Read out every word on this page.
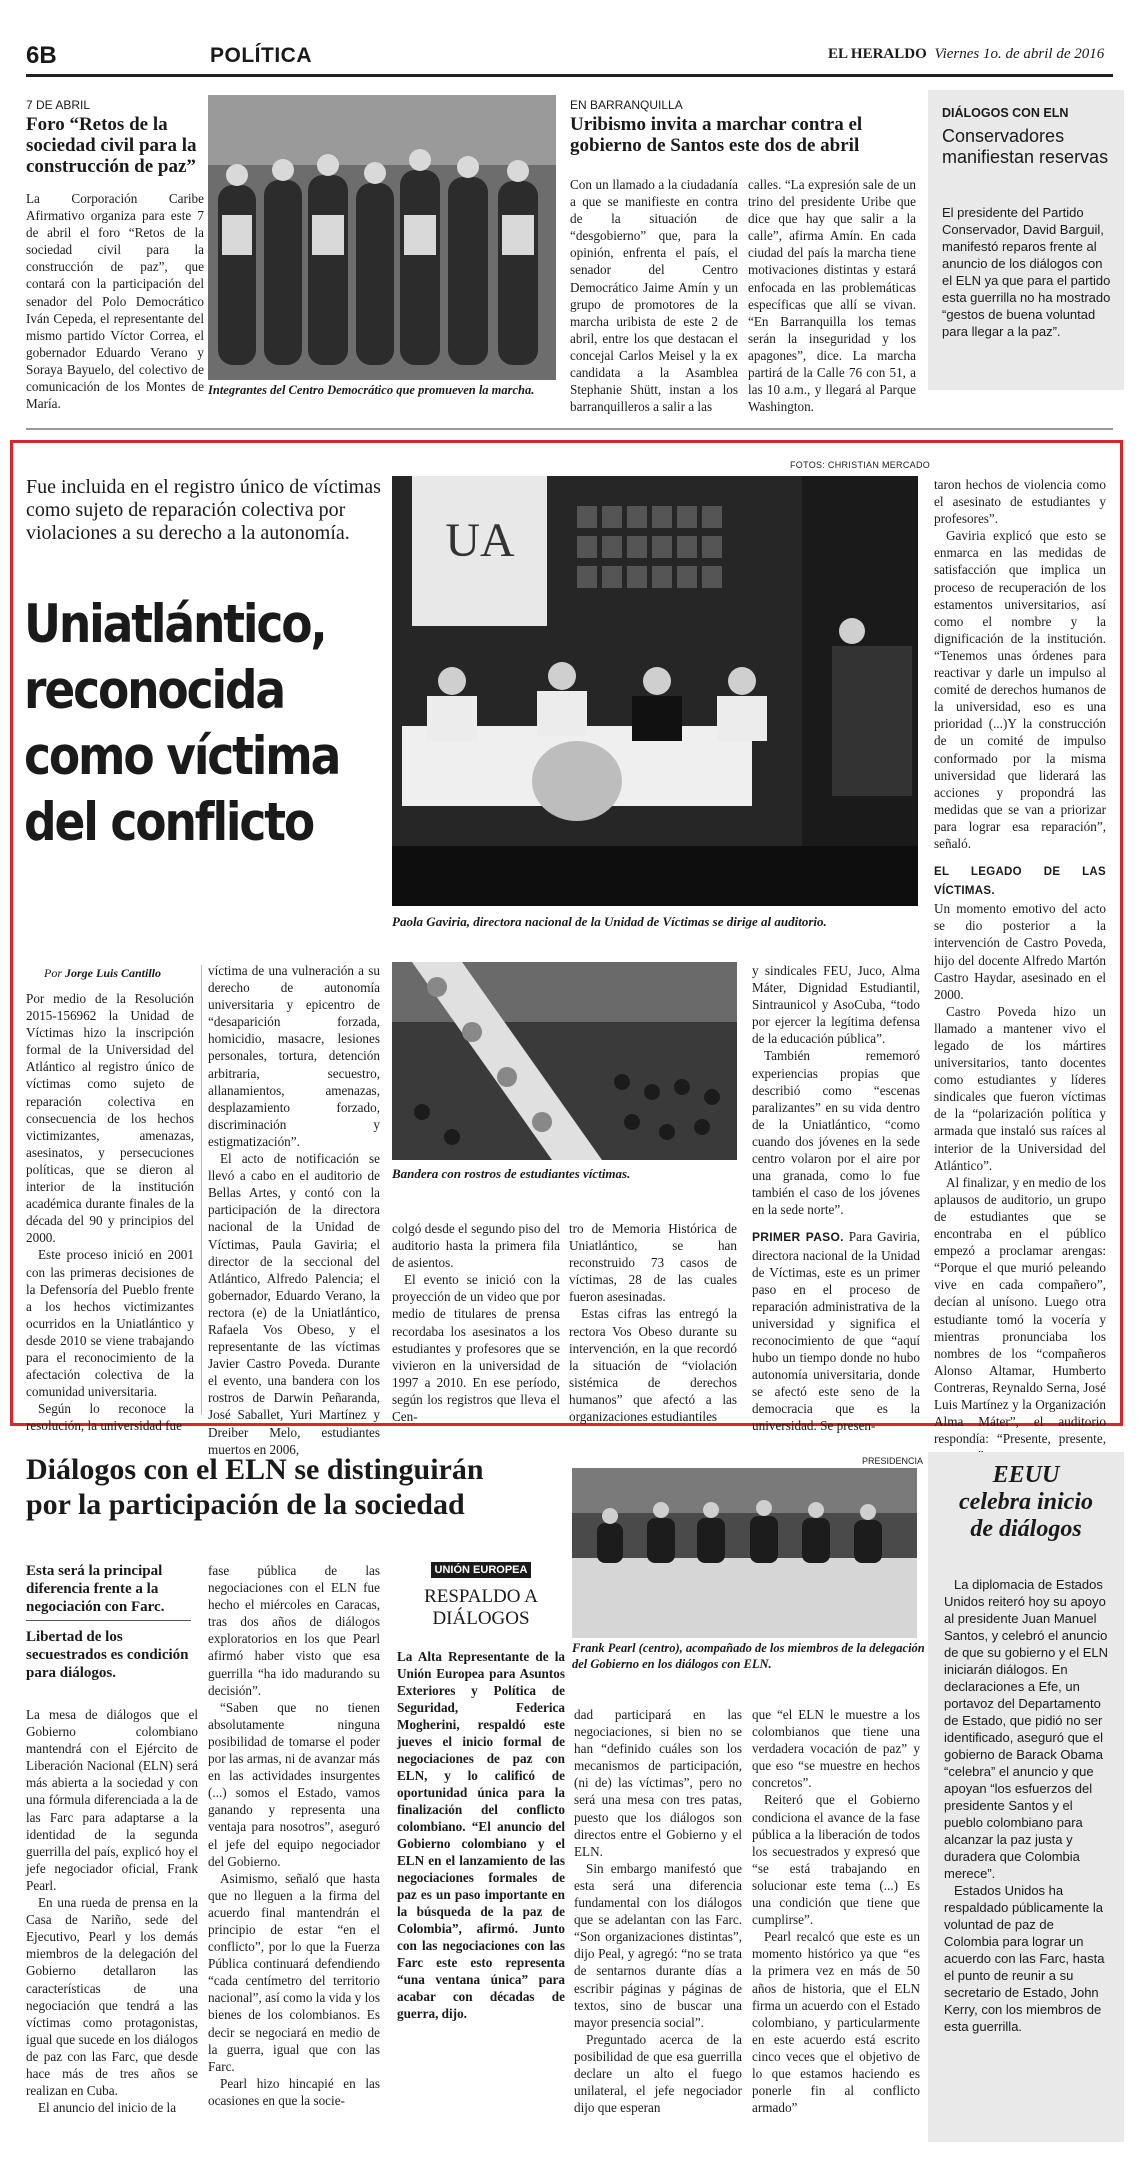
6B	POLÍTICA	EL HERALDO Viernes 1o. de abril de 2016
7 DE ABRIL
Foro “Retos de la sociedad civil para la construcción de paz”

La Corporación Caribe Afirmativo organiza para este 7 de abril el foro “Retos de la sociedad civil para la construcción de paz”, que contará con la participación del senador del Polo Democrático Iván Cepeda, el representante del mismo partido Víctor Correa, el gobernador Eduardo Verano y Soraya Bayuelo, del colectivo de comunicación de los Montes de María.

Integrantes del Centro Democrático que promueven la marcha.
EN BARRANQUILLA
Uribismo invita a marchar contra el gobierno de Santos este dos de abril

Con un llamado a la ciudadanía a que se manifieste en contra de la situación de “desgobierno” que, para la opinión, enfrenta el país, el senador del Centro Democrático Jaime Amín y un grupo de promotores de la marcha uribista de este 2 de abril, entre los que destacan el concejal Carlos Meisel y la ex candidata a la Asamblea Stephanie Shütt, instan a los barranquilleros a salir a las

calles. “La expresión sale de un trino del presidente Uribe que dice que hay que salir a la calle”, afirma Amín. En cada ciudad del país la marcha tiene motivaciones distintas y estará enfocada en las problemáticas específicas que allí se vivan. “En Barranquilla los temas serán la inseguridad y los apagones”, dice. La marcha partirá de la Calle 76 con 51, a las 10 a.m., y llegará al Parque Washington.

DIÁLOGOS CON ELN
Conservadores manifiestan reservas
El presidente del Partido Conservador, David Barguil, manifestó reparos frente al anuncio de los diálogos con el ELN ya que para el partido esta guerrilla no ha mostrado “gestos de buena voluntad para llegar a la paz”.
FOTOS: CHRISTIAN MERCADO
Fue incluida en el registro único de víctimas como sujeto de reparación colectiva por violaciones a su derecho a la autonomía.
Uniatlántico,
reconocida
como víctima
del conflicto
UA
Paola Gaviria, directora nacional de la Unidad de Víctimas se dirige al auditorio.
Bandera con rostros de estudiantes víctimas.
Por Jorge Luis Cantillo

Por medio de la Resolución 2015-156962 la Unidad de Víctimas hizo la inscripción formal de la Universidad del Atlántico al registro único de víctimas como sujeto de reparación colectiva en consecuencia de los hechos victimizantes, amenazas, asesinatos, y persecuciones políticas, que se dieron al interior de la institución académica durante finales de la década del 90 y principios del 2000.

Este proceso inició en 2001 con las primeras decisiones de la Defensoría del Pueblo frente a los hechos victimizantes ocurridos en la Uniatlántico y desde 2010 se viene trabajando para el reconocimiento de la afectación colectiva de la comunidad universitaria.

Según lo reconoce la resolución, la universidad fue

víctima de una vulneración a su derecho de autonomía universitaria y epicentro de “desaparición forzada, homicidio, masacre, lesiones personales, tortura, detención arbitraria, secuestro, allanamientos, amenazas, desplazamiento forzado, discriminación y estigmatización”.

El acto de notificación se llevó a cabo en el auditorio de Bellas Artes, y contó con la participación de la directora nacional de la Unidad de Víctimas, Paula Gaviria; el director de la seccional del Atlántico, Alfredo Palencia; el gobernador, Eduardo Verano, la rectora (e) de la Uniatlántico, Rafaela Vos Obeso, y el representante de las víctimas Javier Castro Poveda. Durante el evento, una bandera con los rostros de Darwin Peñaranda, José Saballet, Yuri Martínez y Dreiber Melo, estudiantes muertos en 2006,

colgó desde el segundo piso del auditorio hasta la primera fila de asientos.

El evento se inició con la proyección de un video que por medio de titulares de prensa recordaba los asesinatos a los estudiantes y profesores que se vivieron en la universidad de 1997 a 2010. En ese período, según los registros que lleva el Cen-

tro de Memoria Histórica de Uniatlántico, se han reconstruido 73 casos de víctimas, 28 de las cuales fueron asesinadas.

Estas cifras las entregó la rectora Vos Obeso durante su intervención, en la que recordó la situación de “violación sistémica de derechos humanos” que afectó a las organizaciones estudiantiles

y sindicales FEU, Juco, Alma Máter, Dignidad Estudiantil, Sintraunicol y AsoCuba, “todo por ejercer la legítima defensa de la educación pública”.

También rememoró experiencias propias que describió como “escenas paralizantes” en su vida dentro de la Uniatlántico, “como cuando dos jóvenes en la sede centro volaron por el aire por una granada, como lo fue también el caso de los jóvenes en la sede norte”.

PRIMER PASO. Para Gaviria, directora nacional de la Unidad de Víctimas, este es un primer paso en el proceso de reparación administrativa de la universidad y significa el reconocimiento de que “aquí hubo un tiempo donde no hubo autonomía universitaria, donde se afectó este seno de la democracia que es la universidad. Se presen-

taron hechos de violencia como el asesinato de estudiantes y profesores”.

Gaviria explicó que esto se enmarca en las medidas de satisfacción que implica un proceso de recuperación de los estamentos universitarios, así como el nombre y la dignificación de la institución. “Tenemos unas órdenes para reactivar y darle un impulso al comité de derechos humanos de la universidad, eso es una prioridad (...)Y la construcción de un comité de impulso conformado por la misma universidad que liderará las acciones y propondrá las medidas que se van a priorizar para lograr esa reparación”, señaló.

EL LEGADO DE LAS VÍCTIMAS.

Un momento emotivo del acto se dio posterior a la intervención de Castro Poveda, hijo del docente Alfredo Martón Castro Haydar, asesinado en el 2000.

Castro Poveda hizo un llamado a mantener vivo el legado de los mártires universitarios, tanto docentes como estudiantes y líderes sindicales que fueron víctimas de la “polarización política y armada que instaló sus raíces al interior de la Universidad del Atlántico”.

Al finalizar, y en medio de los aplausos de auditorio, un grupo de estudiantes que se encontraba en el público empezó a proclamar arengas: “Porque el que murió peleando vive en cada compañero”, decían al unísono. Luego otra estudiante tomó la vocería y mientras pronunciaba los nombres de los “compañeros Alonso Altamar, Humberto Contreras, Reynaldo Serna, José Luis Martínez y la Organización Alma Máter”, el auditorio respondía: “Presente, presente,

Diálogos con el ELN se distinguirán
por la participación de la sociedad
PRESIDENCIA
Frank Pearl (centro), acompañado de los miembros de la delegación del Gobierno en los diálogos con ELN.
Esta será la principal diferencia frente a la negociación con Farc.
Libertad de los secuestrados es condición para diálogos.

La mesa de diálogos que el Gobierno colombiano mantendrá con el Ejército de Liberación Nacional (ELN) será más abierta a la sociedad y con una fórmula diferenciada a la de las Farc para adaptarse a la identidad de la segunda guerrilla del país, explicó hoy el jefe negociador oficial, Frank Pearl.

En una rueda de prensa en la Casa de Nariño, sede del Ejecutivo, Pearl y los demás miembros de la delegación del Gobierno detallaron las características de una negociación que tendrá a las víctimas como protagonistas, igual que sucede en los diálogos de paz con las Farc, que desde hace más de tres años se realizan en Cuba.

El anuncio del inicio de la

fase pública de las negociaciones con el ELN fue hecho el miércoles en Caracas, tras dos años de diálogos exploratorios en los que Pearl afirmó haber visto que esa guerrilla “ha ido madurando su decisión”.

“Saben que no tienen absolutamente ninguna posibilidad de tomarse el poder por las armas, ni de avanzar más en las actividades insurgentes (...) somos el Estado, vamos ganando y representa una ventaja para nosotros”, aseguró el jefe del equipo negociador del Gobierno.

Asimismo, señaló que hasta que no lleguen a la firma del acuerdo final mantendrán el principio de estar “en el conflicto”, por lo que la Fuerza Pública continuará defendiendo “cada centímetro del territorio nacional”, así como la vida y los bienes de los colombianos. Es decir se negociará en medio de la guerra, igual que con las Farc.

Pearl hizo hincapié en las ocasiones en que la socie-

UNIÓN EUROPEA
RESPALDO A DIÁLOGOS
La Alta Representante de la Unión Europea para Asuntos Exteriores y Política de Seguridad, Federica Mogherini, respaldó este jueves el inicio formal de negociaciones de paz con ELN, y lo calificó de oportunidad única para la finalización del conflicto colombiano. “El anuncio del Gobierno colombiano y el ELN en el lanzamiento de las negociaciones formales de paz es un paso importante en la búsqueda de la paz de Colombia”, afirmó. Junto con las negociaciones con las Farc este esto representa “una ventana única” para acabar con décadas de guerra, dijo.

dad participará en las negociaciones, si bien no se han “definido cuáles son los mecanismos de participación, (ni de) las víctimas”, pero no será una mesa con tres patas, puesto que los diálogos son directos entre el Gobierno y el ELN.

Sin embargo manifestó que esta será una diferencia fundamental con los diálogos que se adelantan con las Farc. “Son organizaciones distintas”, dijo Peal, y agregó: “no se trata de sentarnos durante días a escribir páginas y páginas de textos, sino de buscar una mayor presencia social”.

Preguntado acerca de la posibilidad de que esa guerrilla declare un alto el fuego unilateral, el jefe negociador dijo que esperan

que “el ELN le muestre a los colombianos que tiene una verdadera vocación de paz” y que eso “se muestre en hechos concretos”.

Reiteró que el Gobierno condiciona el avance de la fase pública a la liberación de todos los secuestrados y expresó que “se está trabajando en solucionar este tema (...) Es una condición que tiene que cumplirse”.

Pearl recalcó que este es un momento histórico ya que “es la primera vez en más de 50 años de historia, que el ELN firma un acuerdo con el Estado colombiano, y particularmente en este acuerdo está escrito cinco veces que el objetivo de lo que estamos haciendo es ponerle fin al conflicto armado”

EEUU
celebra inicio
de diálogos

La diplomacia de Estados Unidos reiteró hoy su apoyo al presidente Juan Manuel Santos, y celebró el anuncio de que su gobierno y el ELN iniciarán diálogos. En declaraciones a Efe, un portavoz del Departamento de Estado, que pidió no ser identificado, aseguró que el gobierno de Barack Obama “celebra” el anuncio y que apoyan “los esfuerzos del presidente Santos y el pueblo colombiano para alcanzar la paz justa y duradera que Colombia merece”.

Estados Unidos ha respaldado públicamente la voluntad de paz de Colombia para lograr un acuerdo con las Farc, hasta el punto de reunir a su secretario de Estado, John Kerry, con los miembros de esta guerrilla.
